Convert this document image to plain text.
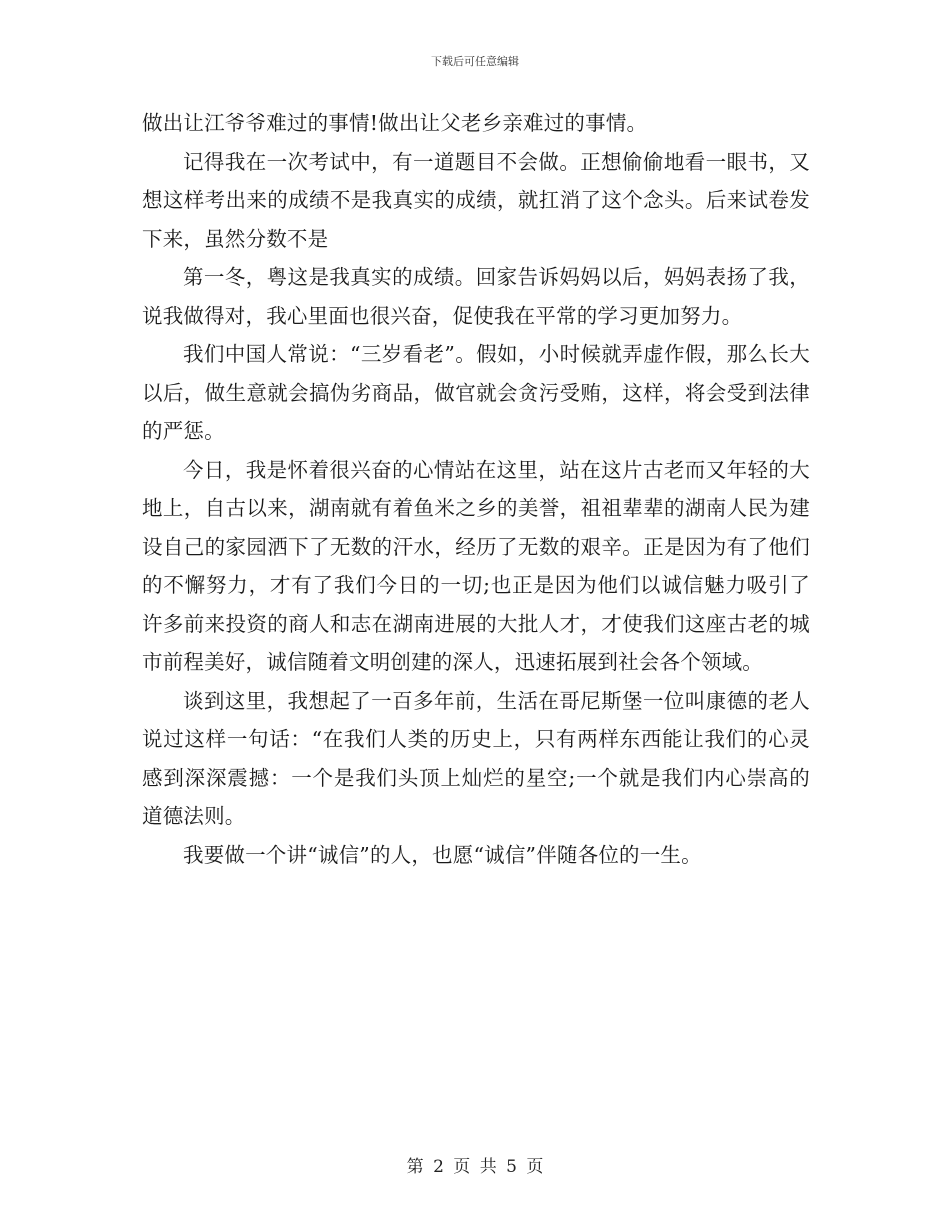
下载后可任意编辑

做出让江爷爷难过的事情!做出让父老乡亲难过的事情。

记得我在一次考试中，有一道题目不会做。正想偷偷地看一眼书，又想这样考出来的成绩不是我真实的成绩，就扛消了这个念头。后来试卷发下来，虽然分数不是

第一冬，粤这是我真实的成绩。回家告诉妈妈以后，妈妈表扬了我，说我做得对，我心里面也很兴奋，促使我在平常的学习更加努力。

我们中国人常说：“三岁看老”。假如，小时候就弄虚作假，那么长大以后，做生意就会搞伪劣商品，做官就会贪污受贿，这样，将会受到法律的严惩。

今日，我是怀着很兴奋的心情站在这里，站在这片古老而又年轻的大地上，自古以来，湖南就有着鱼米之乡的美誉，祖祖辈辈的湖南人民为建设自己的家园洒下了无数的汗水，经历了无数的艰辛。正是因为有了他们的不懈努力，才有了我们今日的一切;也正是因为他们以诚信魅力吸引了许多前来投资的商人和志在湖南进展的大批人才，才使我们这座古老的城市前程美好，诚信随着文明创建的深人，迅速拓展到社会各个领域。

谈到这里，我想起了一百多年前，生活在哥尼斯堡一位叫康德的老人说过这样一句话：“在我们人类的历史上，只有两样东西能让我们的心灵感到深深震撼：一个是我们头顶上灿烂的星空;一个就是我们内心崇高的道德法则。

我要做一个讲“诚信”的人，也愿“诚信”伴随各位的一生。

第 2 页 共 5 页
